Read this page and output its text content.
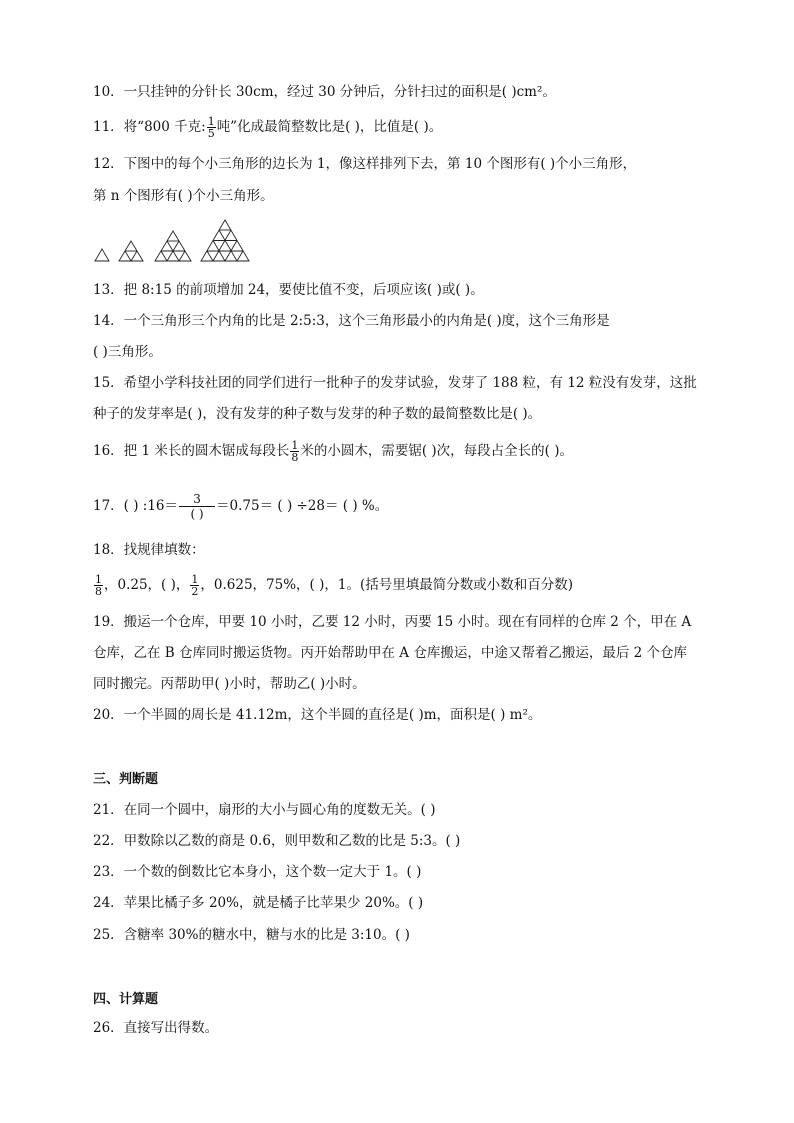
10．一只挂钟的分针长 30cm，经过 30 分钟后，分针扫过的面积是( )cm²。
11．将“800 千克: $\frac{1}{5}$ 吨”化成最简整数比是( )，比值是( )。
12．下图中的每个小三角形的边长为 1，像这样排列下去，第 10 个图形有( )个小三角形，
第 n 个图形有( )个小三角形。
13．把 8:15 的前项增加 24，要使比值不变，后项应该( )或( )。
14．一个三角形三个内角的比是 2:5:3，这个三角形最小的内角是( )度，这个三角形是
( )三角形。
15．希望小学科技社团的同学们进行一批种子的发芽试验，发芽了 188 粒，有 12 粒没有发芽，这批
种子的发芽率是( )，没有发芽的种子数与发芽的种子数的最简整数比是( )。
16．把 1 米长的圆木锯成每段长 $\frac{1}{8}$ 米的小圆木，需要锯( )次，每段占全长的( )。
17．( ) :16＝ $\frac{3}{( )} =0.75=$ ( ) ÷28＝ ( ) %。
18．找规律填数：
$\frac{1}{8}$ ，0.25，( )， $\frac{1}{2}$ ，0.625，75%，( )，1。(括号里填最简分数或小数和百分数)
19．搬运一个仓库，甲要 10 小时，乙要 12 小时，丙要 15 小时。现在有同样的仓库 2 个，甲在 A
仓库，乙在 B 仓库同时搬运货物。丙开始帮助甲在 A 仓库搬运，中途又帮着乙搬运，最后 2 个仓库
同时搬完。丙帮助甲( )小时，帮助乙( )小时。
20．一个半圆的周长是 41.12m，这个半圆的直径是( )m，面积是( ) m²。
三、判断题
21．在同一个圆中，扇形的大小与圆心角的度数无关。( )
22．甲数除以乙数的商是 0.6，则甲数和乙数的比是 5:3。( )
23．一个数的倒数比它本身小，这个数一定大于 1。( )
24．苹果比橘子多 20%，就是橘子比苹果少 20%。( )
25．含糖率 30%的糖水中，糖与水的比是 3:10。( )
四、计算题
26．直接写出得数。
